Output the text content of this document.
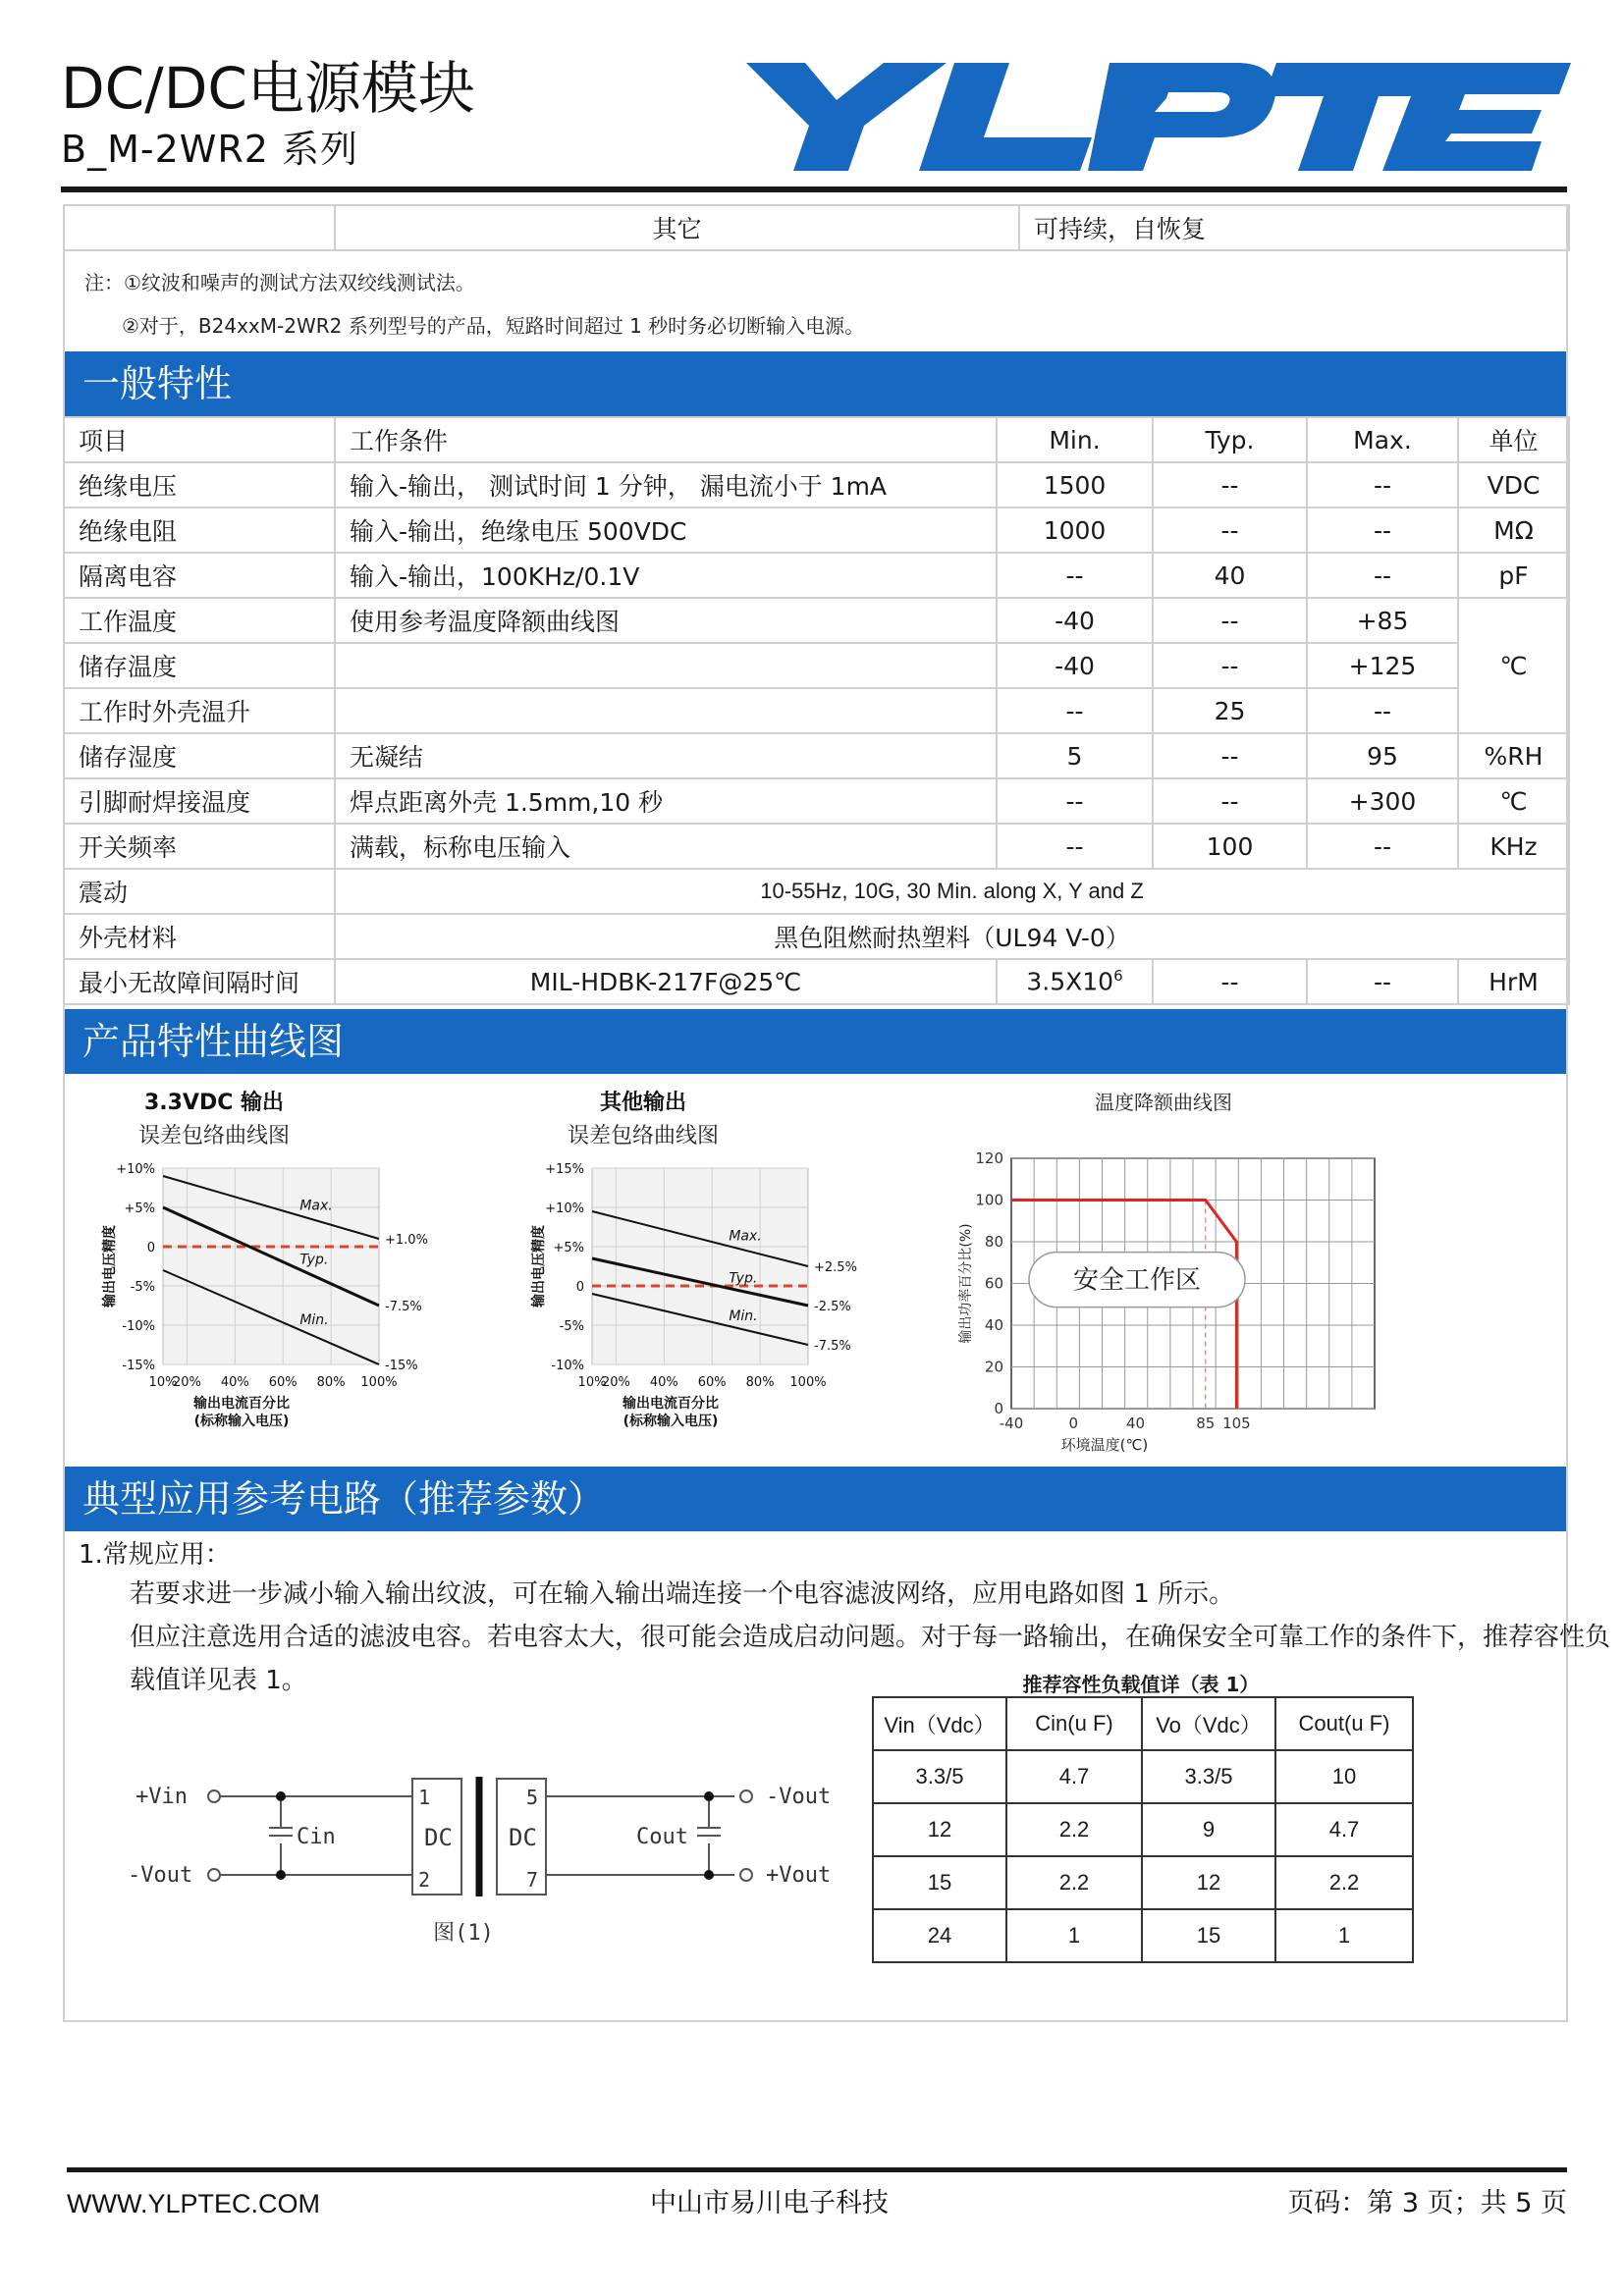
DC/DC电源模块
B_M-2WR2 系列
	其它	可持续，自恢复
注：①纹波和噪声的测试方法双绞线测试法。
②对于，B24xxM-2WR2 系列型号的产品，短路时间超过 1 秒时务必切断输入电源。
一般特性
项目	工作条件	Min.	Typ.	Max.	单位
绝缘电压	输入-输出， 测试时间 1 分钟， 漏电流小于 1mA	1500	--	--	VDC
绝缘电阻	输入-输出，绝缘电压 500VDC	1000	--	--	MΩ
隔离电容	输入-输出，100KHz/0.1V	--	40	--	pF
工作温度	使用参考温度降额曲线图	-40	--	+85	℃
储存温度		-40	--	+125	
工作时外壳温升		--	25	--	
储存湿度	无凝结	5	--	95	%RH
引脚耐焊接温度	焊点距离外壳 1.5mm,10 秒	--	--	+300	℃
开关频率	满载，标称电压输入	--	100	--	KHz
震动	10-55Hz, 10G, 30 Min. along X, Y and Z				
外壳材料	黑色阻燃耐热塑料（UL94 V-0）				
最小无故障间隔时间	MIL-HDBK-217F@25℃	$3.5X10^6$	--	--	HrM
产品特性曲线图
3.3VDC 输出
误差包络曲线图
+10%
+5%
0
-5%
-10%
-15%
10%
20% 40% 60% 80% 100%
Max.
+1.0%
Typ.
-7.5%
Min.
-15%
输出电压精度
输出电流百分比
(标称输入电压)
其他输出
误差包络曲线图
+15%
+10%
+5%
0
-5%
-10%
10%
20% 40% 60% 80% 100%
Max.
+2.5%
Typ.
-2.5%
Min.
-7.5%
输出电压精度
输出电流百分比
(标称输入电压)
温度降额曲线图
120
100
80
60
40
20
0
-40	0	40	85 105
安全工作区
输出功率百分比(%)
环境温度(℃)
典型应用参考电路（推荐参数）
1.常规应用：
若要求进一步减小输入输出纹波，可在输入输出端连接一个电容滤波网络，应用电路如图 1 所示。
但应注意选用合适的滤波电容。若电容太大，很可能会造成启动问题。对于每一路输出，在确保安全可靠工作的条件下，推荐容性负
载值详见表 1。
+Vin
-Vout
Cin	Cout
-Vout
+Vout
DC DC
1
2
5
7
图(1)
推荐容性负载值详（表 1）
Vin（Vdc）	Cin(u F)	Vo（Vdc）	Cout(u F)
3.3/5	4.7	3.3/5	10
12	2.2	9	4.7
15	2.2	12	2.2
24	1	15	1
WWW.YLPTEC.COM	中山市易川电子科技	页码：第 3 页；共 5 页
